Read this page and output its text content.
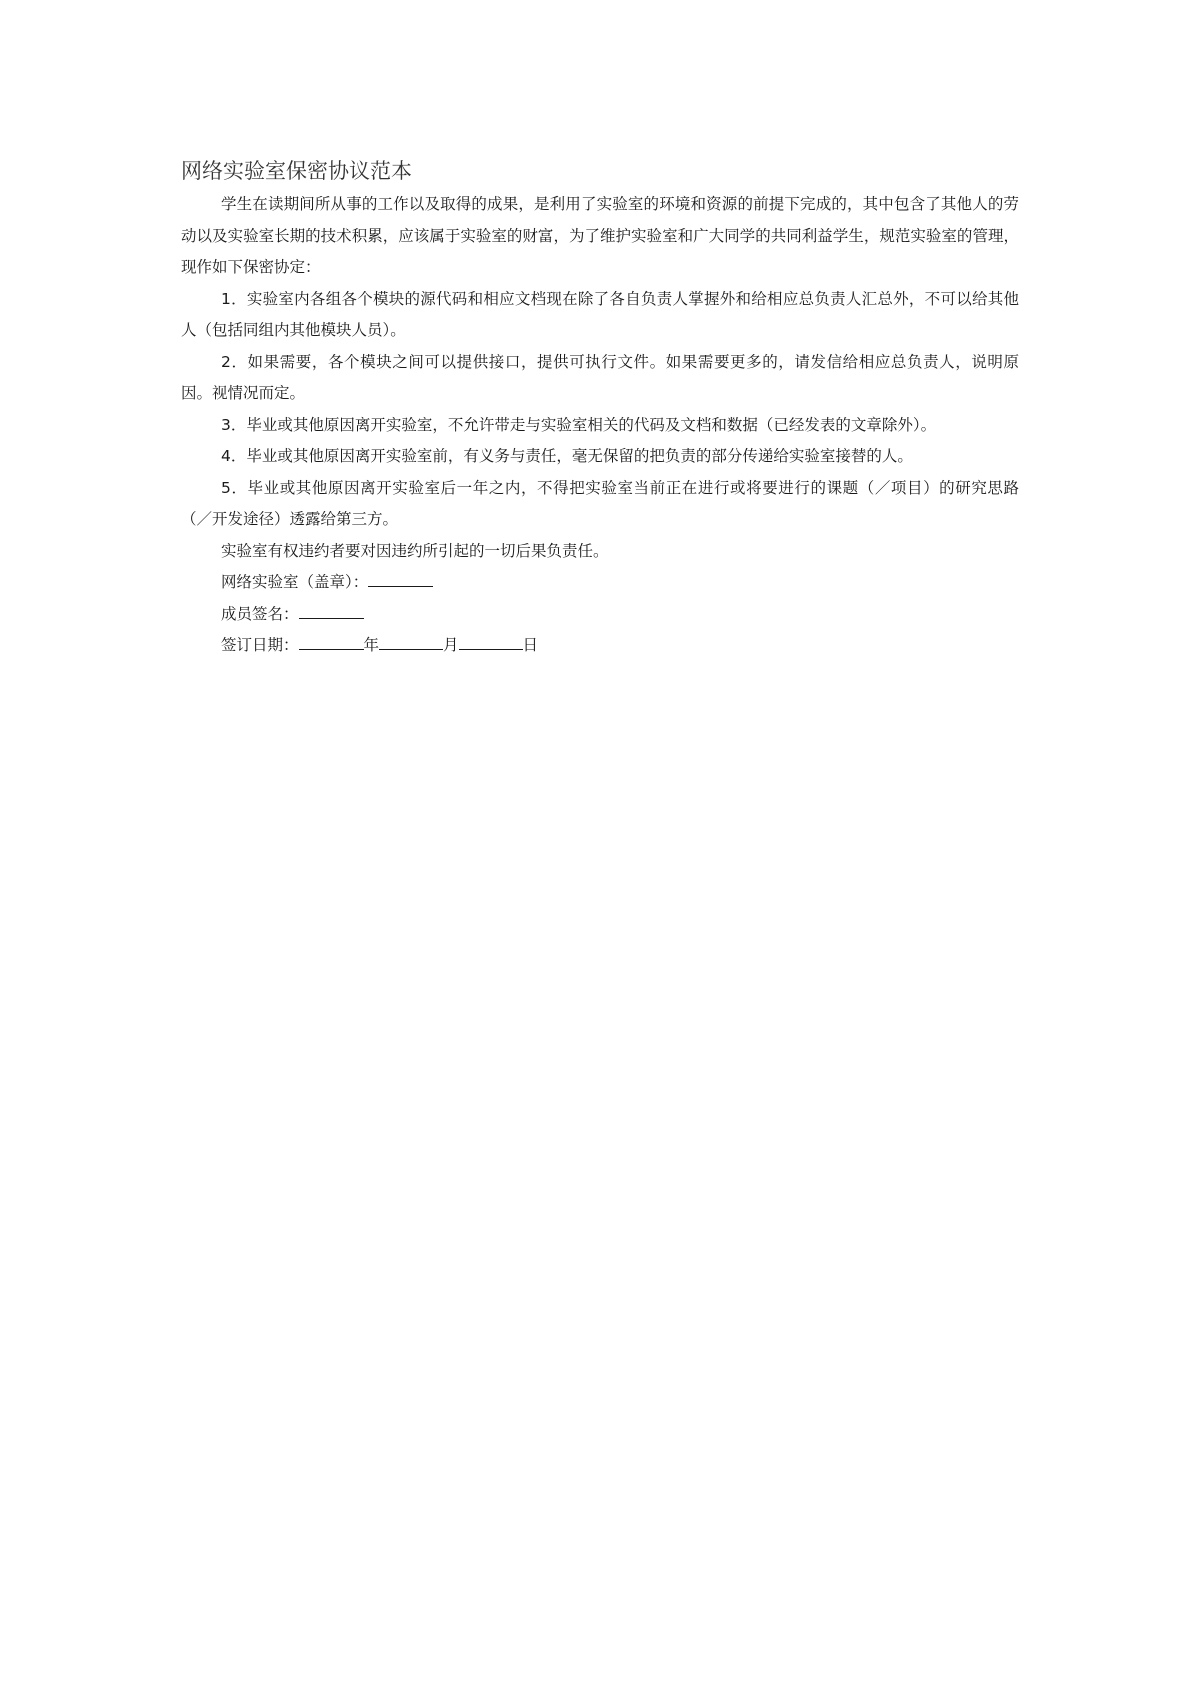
网络实验室保密协议范本

学生在读期间所从事的工作以及取得的成果，是利用了实验室的环境和资源的前提下完成的，其中包含了其他人的劳动以及实验室长期的技术积累，应该属于实验室的财富，为了维护实验室和广大同学的共同利益学生，规范实验室的管理，现作如下保密协定：

1．实验室内各组各个模块的源代码和相应文档现在除了各自负责人掌握外和给相应总负责人汇总外，不可以给其他人（包括同组内其他模块人员）。

2．如果需要，各个模块之间可以提供接口，提供可执行文件。如果需要更多的，请发信给相应总负责人，说明原因。视情况而定。

3．毕业或其他原因离开实验室，不允许带走与实验室相关的代码及文档和数据（已经发表的文章除外）。

4．毕业或其他原因离开实验室前，有义务与责任，毫无保留的把负责的部分传递给实验室接替的人。

5．毕业或其他原因离开实验室后一年之内，不得把实验室当前正在进行或将要进行的课题（／项目）的研究思路（／开发途径）透露给第三方。

实验室有权违约者要对因违约所引起的一切后果负责任。

网络实验室（盖章）：

成员签名：

签订日期：	年	月	日
